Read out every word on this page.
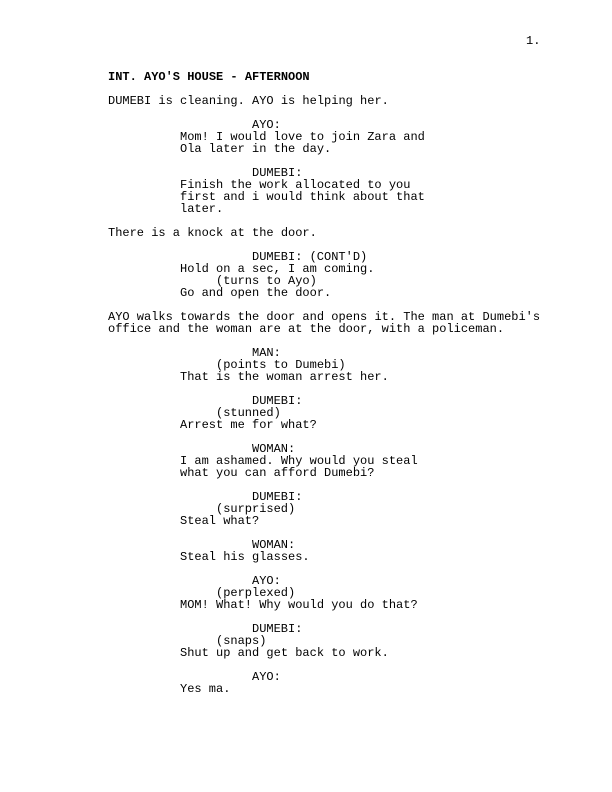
1.
INT. AYO'S HOUSE - AFTERNOON
DUMEBI is cleaning. AYO is helping her.
AYO:
Mom! I would love to join Zara and
Ola later in the day.
DUMEBI:
Finish the work allocated to you
first and i would think about that
later.
There is a knock at the door.
DUMEBI: (CONT'D)
Hold on a sec, I am coming.
(turns to Ayo)
Go and open the door.
AYO walks towards the door and opens it. The man at Dumebi's
office and the woman are at the door, with a policeman.
MAN:
(points to Dumebi)
That is the woman arrest her.
DUMEBI:
(stunned)
Arrest me for what?
WOMAN:
I am ashamed. Why would you steal
what you can afford Dumebi?
DUMEBI:
(surprised)
Steal what?
WOMAN:
Steal his glasses.
AYO:
(perplexed)
MOM! What! Why would you do that?
DUMEBI:
(snaps)
Shut up and get back to work.
AYO:
Yes ma.
